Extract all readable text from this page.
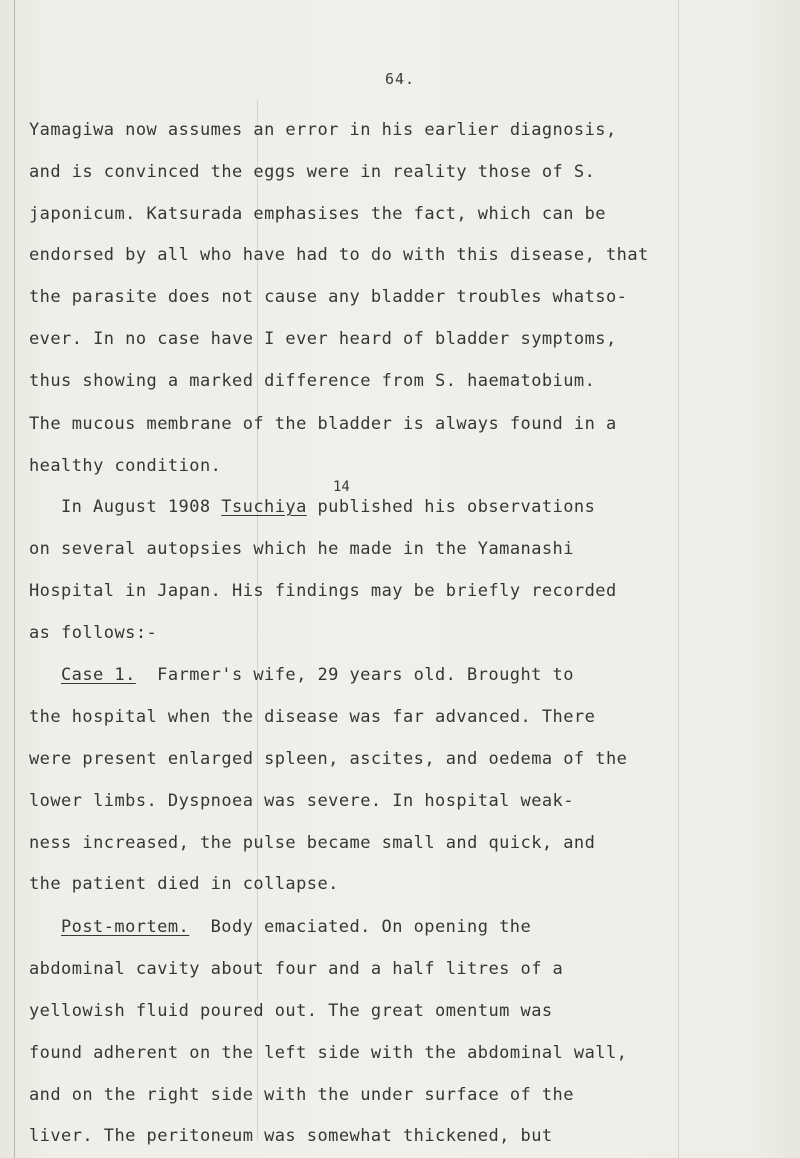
64.
Yamagiwa now assumes an error in his earlier diagnosis,
and is convinced the eggs were in reality those of S.
japonicum. Katsurada emphasises the fact, which can be
endorsed by all who have had to do with this disease, that
the parasite does not cause any bladder troubles whatso-
ever. In no case have I ever heard of bladder symptoms,
thus showing a marked difference from S. haematobium.
The mucous membrane of the bladder is always found in a
healthy condition.
14
In August 1908 Tsuchiya published his observations
on several autopsies which he made in the Yamanashi
Hospital in Japan. His findings may be briefly recorded
as follows:-
Case 1. Farmer's wife, 29 years old. Brought to
the hospital when the disease was far advanced. There
were present enlarged spleen, ascites, and oedema of the
lower limbs. Dyspnoea was severe. In hospital weak-
ness increased, the pulse became small and quick, and
the patient died in collapse.
Post-mortem. Body emaciated. On opening the
abdominal cavity about four and a half litres of a
yellowish fluid poured out. The great omentum was
found adherent on the left side with the abdominal wall,
and on the right side with the under surface of the
liver. The peritoneum was somewhat thickened, but
